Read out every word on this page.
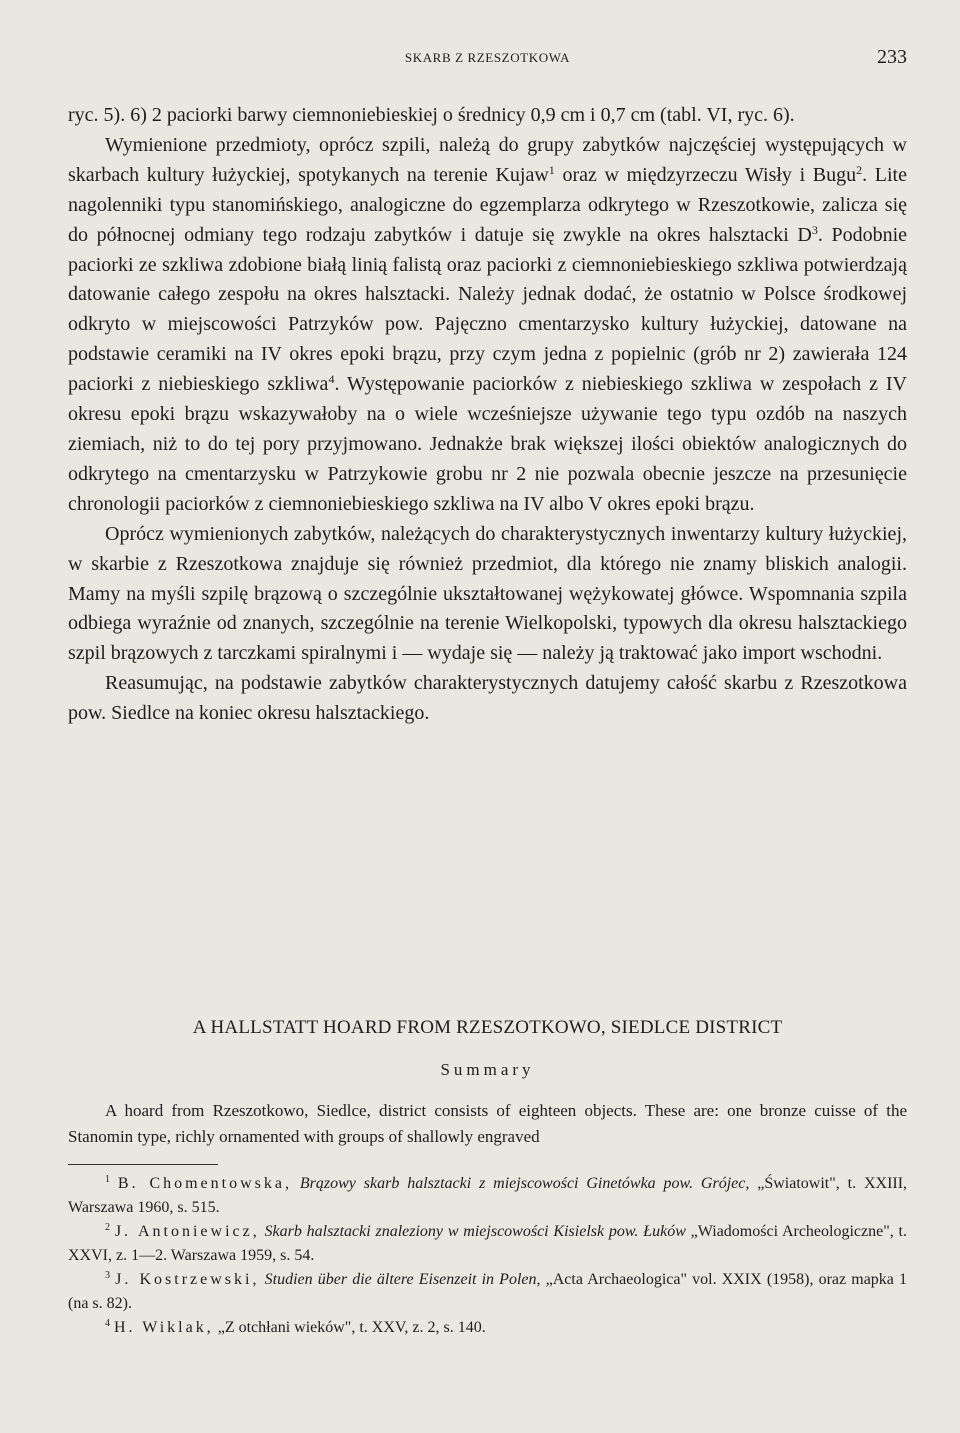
SKARB Z RZESZOTKOWA	233

ryc. 5). 6) 2 paciorki barwy ciemnoniebieskiej o średnicy 0,9 cm i 0,7 cm (tabl. VI, ryc. 6).

Wymienione przedmioty, oprócz szpili, należą do grupy zabytków najczęściej występujących w skarbach kultury łużyckiej, spotykanych na terenie Kujaw$^1$ oraz w międzyrzeczu Wisły i Bugu$^2$. Lite nagolenniki typu stanomińskiego, analogiczne do egzemplarza odkrytego w Rzeszotkowie, zalicza się do północnej odmiany tego rodzaju zabytków i datuje się zwykle na okres halsztacki $D^3$. Podobnie paciorki ze szkliwa zdobione białą linią falistą oraz paciorki z ciemnoniebieskiego szkliwa potwierdzają datowanie całego zespołu na okres halsztacki. Należy jednak dodać, że ostatnio w Polsce środkowej odkryto w miejscowości Patrzyków pow. Pajęczno cmentarzysko kultury łużyckiej, datowane na podstawie ceramiki na IV okres epoki brązu, przy czym jedna z popielnic (grób nr 2) zawierała 124 paciorki z niebieskiego szkliwa$^4$. Występowanie paciorków z niebieskiego szkliwa w zespołach z IV okresu epoki brązu wskazywałoby na o wiele wcześniejsze używanie tego typu ozdób na naszych ziemiach, niż to do tej pory przyjmowano. Jednakże brak większej ilości obiektów analogicznych do odkrytego na cmentarzysku w Patrzykowie grobu nr 2 nie pozwala obecnie jeszcze na przesunięcie chronologii paciorków z ciemnoniebieskiego szkliwa na IV albo V okres epoki brązu.

Oprócz wymienionych zabytków, należących do charakterystycznych inwentarzy kultury łużyckiej, w skarbie z Rzeszotkowa znajduje się również przedmiot, dla którego nie znamy bliskich analogii. Mamy na myśli szpilę brązową o szczególnie ukształtowanej wężykowatej główce. Wspomnania szpila odbiega wyraźnie od znanych, szczególnie na terenie Wielkopolski, typowych dla okresu halsztackiego szpil brązowych z tarczkami spiralnymi i — wydaje się — należy ją traktować jako import wschodni.

Reasumując, na podstawie zabytków charakterystycznych datujemy całość skarbu z Rzeszotkowa pow. Siedlce na koniec okresu halsztackiego.

A HALLSTATT HOARD FROM RZESZOTKOWO, SIEDLCE DISTRICT
Summary

A hoard from Rzeszotkowo, Siedlce, district consists of eighteen objects. These are: one bronze cuisse of the Stanomin type, richly ornamented with groups of shallowly engraved

$^1$ B. Chomentowska, Brązowy skarb halsztacki z miejscowości Ginetówka pow. Grójec, „Światowit", t. XXIII, Warszawa 1960, s. 515.

$^2$ J. Antoniewicz, Skarb halsztacki znaleziony w miejscowości Kisielsk pow. Łuków „Wiadomości Archeologiczne", t. XXVI, z. 1—2. Warszawa 1959, s. 54.

$^3$ J. Kostrzewski, Studien über die ältere Eisenzeit in Polen, „Acta Archaeologica" vol. XXIX (1958), oraz mapka 1 (na s. 82).

$^4$ H. Wiklak, „Z otchłani wieków", t. XXV, z. 2, s. 140.
